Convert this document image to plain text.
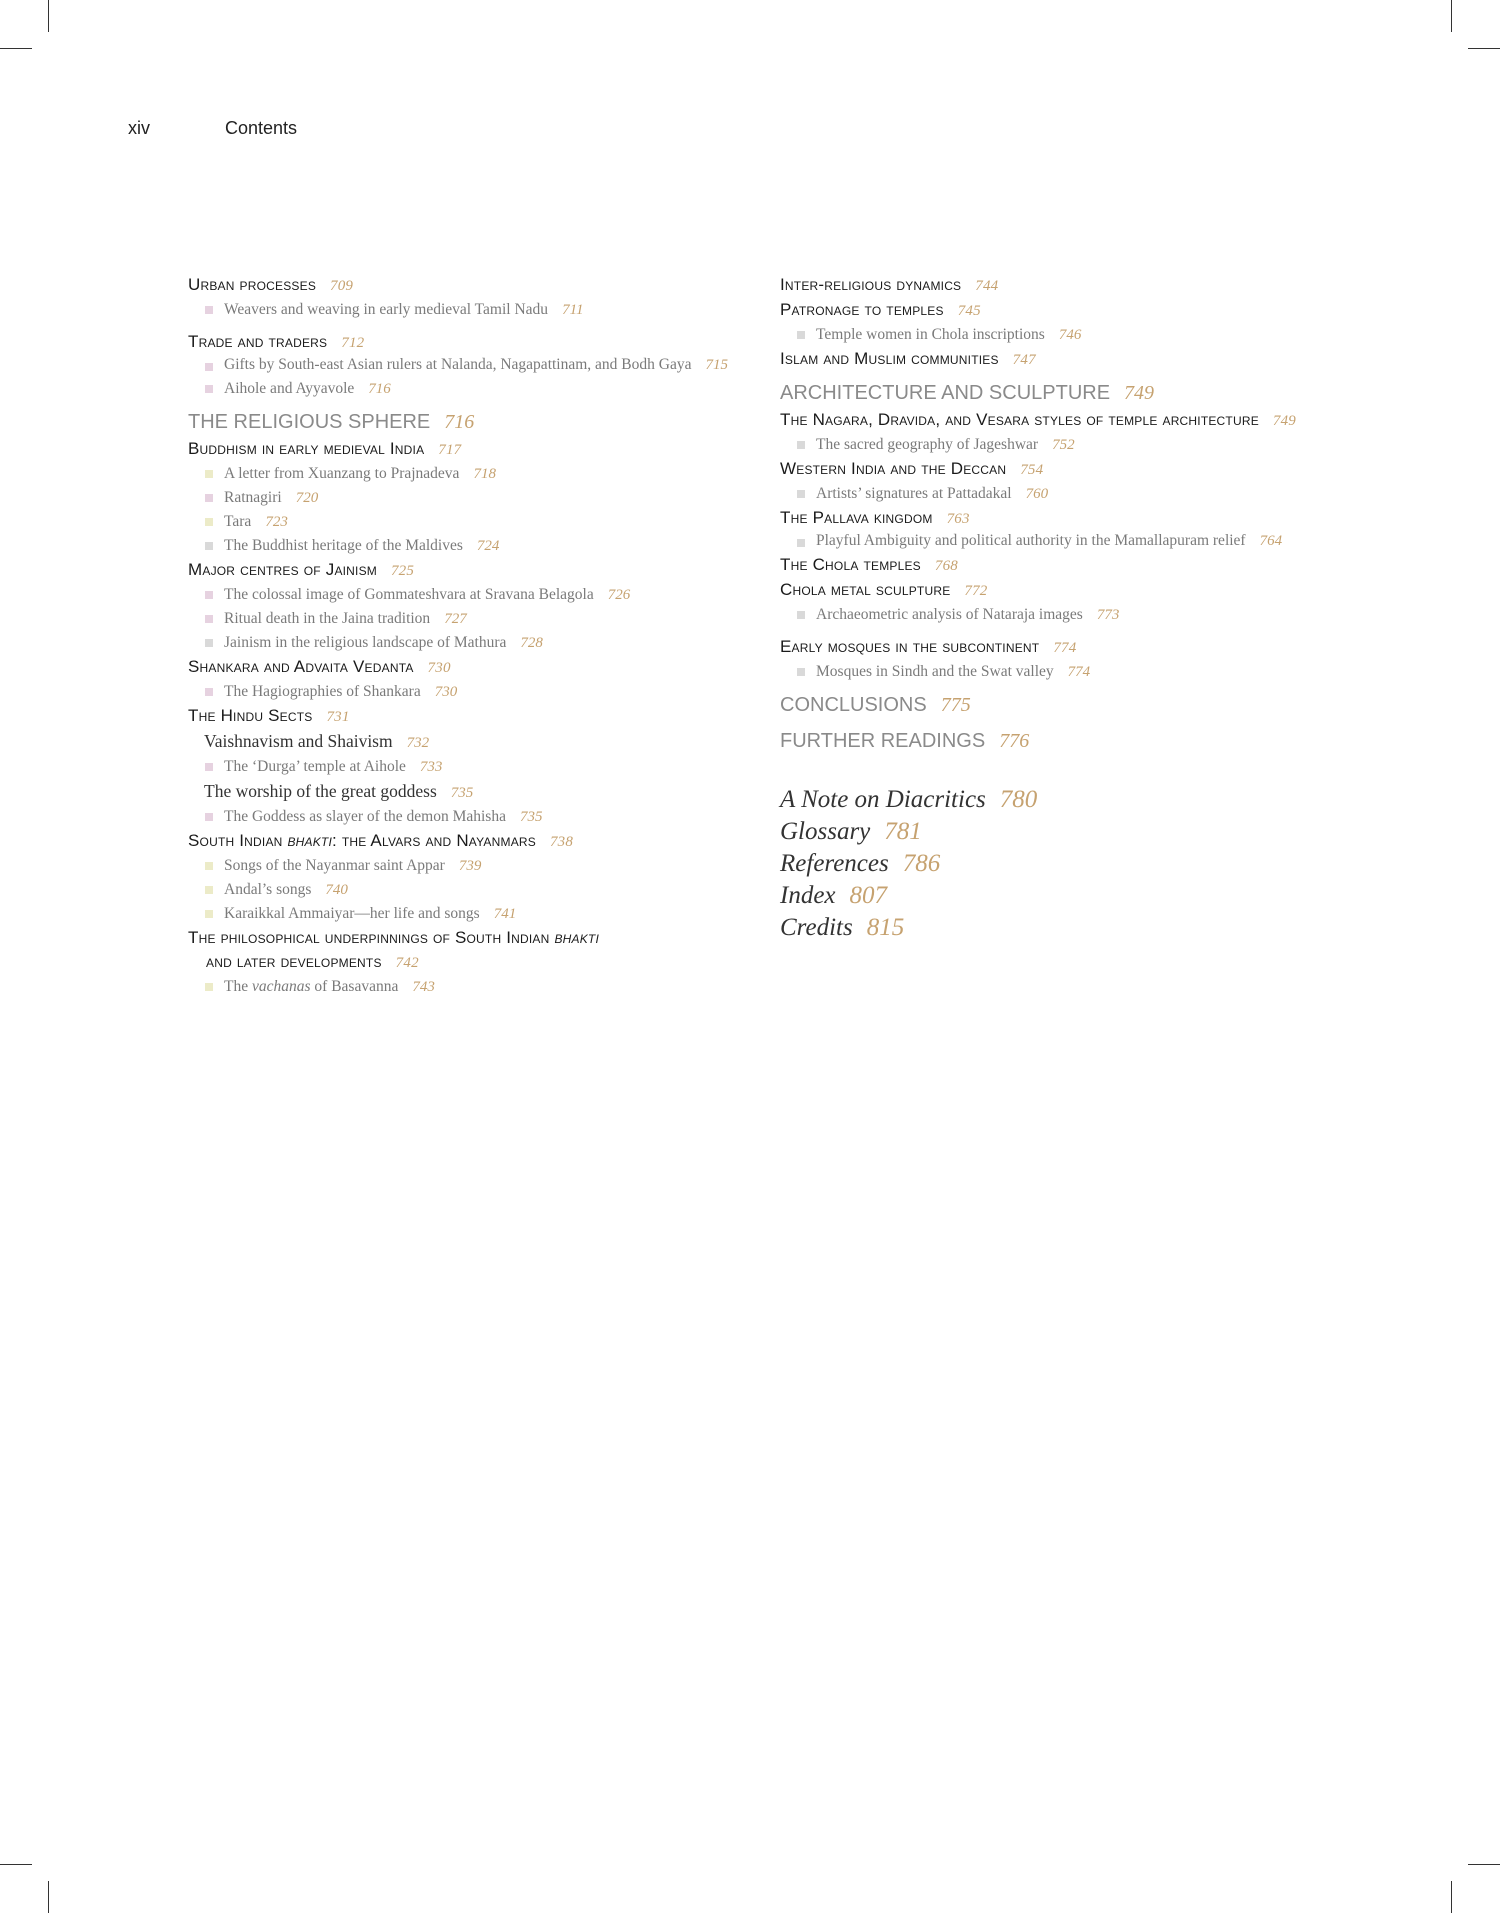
xiv	Contents
Urban processes 709
Weavers and weaving in early medieval Tamil Nadu 711
Trade and traders 712
Gifts by South-east Asian rulers at Nalanda, Nagapattinam, and Bodh Gaya 715
Aihole and Ayyavole 716
THE RELIGIOUS SPHERE 716
Buddhism in early medieval India 717
A letter from Xuanzang to Prajnadeva 718
Ratnagiri 720
Tara 723
The Buddhist heritage of the Maldives 724
Major centres of Jainism 725
The colossal image of Gommateshvara at Sravana Belagola 726
Ritual death in the Jaina tradition 727
Jainism in the religious landscape of Mathura 728
Shankara and Advaita Vedanta 730
The Hagiographies of Shankara 730
The Hindu Sects 731
Vaishnavism and Shaivism 732
The ‘Durga’ temple at Aihole 733
The worship of the great goddess 735
The Goddess as slayer of the demon Mahisha 735
South Indian bhakti: the Alvars and Nayanmars 738
Songs of the Nayanmar saint Appar 739
Andal’s songs 740
Karaikkal Ammaiyar—her life and songs 741
The philosophical underpinnings of South Indian bhakti
and later developments 742
The vachanas of Basavanna 743
Inter-religious dynamics 744
Patronage to temples 745
Temple women in Chola inscriptions 746
Islam and Muslim communities 747
ARCHITECTURE AND SCULPTURE 749
The Nagara, Dravida, and Vesara styles of temple architecture 749
The sacred geography of Jageshwar 752
Western India and the Deccan 754
Artists’ signatures at Pattadakal 760
The Pallava kingdom 763
Playful Ambiguity and political authority in the Mamallapuram relief 764
The Chola temples 768
Chola metal sculpture 772
Archaeometric analysis of Nataraja images 773
Early mosques in the subcontinent 774
Mosques in Sindh and the Swat valley 774
CONCLUSIONS 775
FURTHER READINGS 776
A Note on Diacritics 780
Glossary 781
References 786
Index 807
Credits 815
